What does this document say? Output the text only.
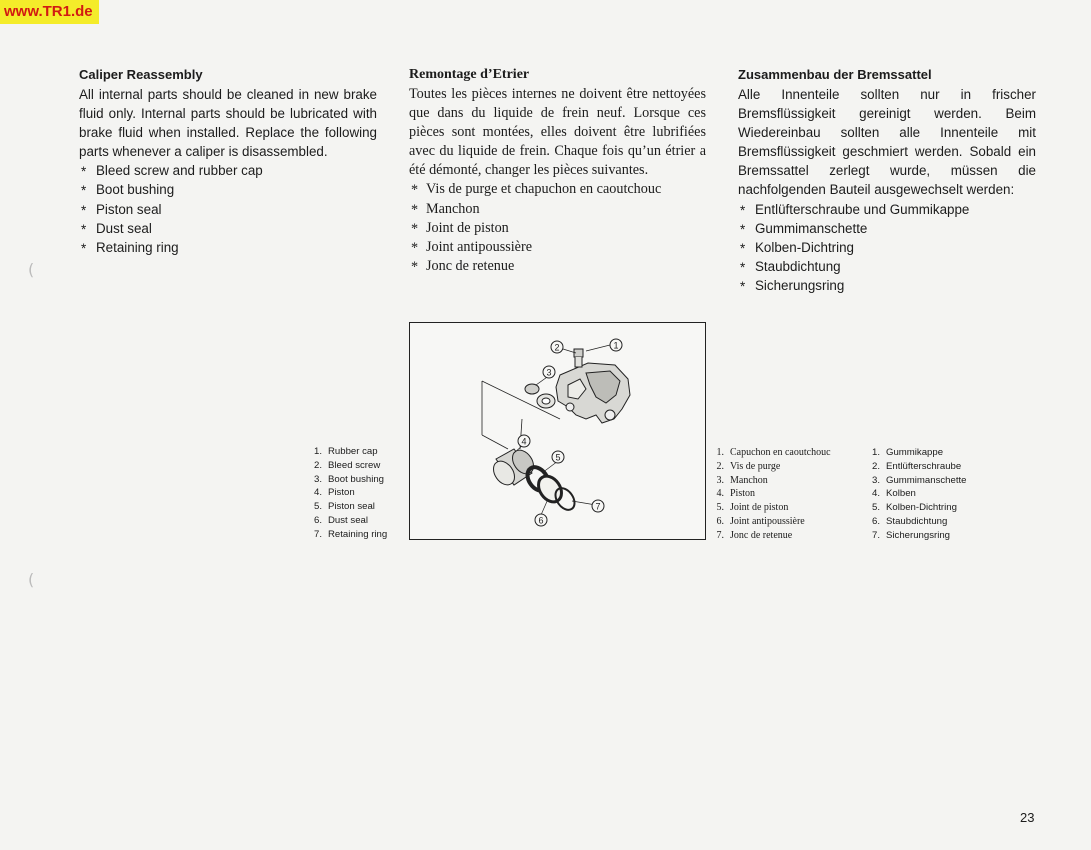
www.TR1.de
Caliper Reassembly

All internal parts should be cleaned in new brake fluid only. Internal parts should be lubricated with brake fluid when installed. Replace the following parts whenever a caliper is disassembled.

* Bleed screw and rubber cap
* Boot bushing
* Piston seal
* Dust seal
* Retaining ring
Remontage d’Etrier

Toutes les pièces internes ne doivent être nettoyées que dans du liquide de frein neuf. Lorsque ces pièces sont montées, elles doivent être lubrifiées avec du liquide de frein. Chaque fois qu’un étrier a été démonté, changer les pièces suivantes.

* Vis de purge et chapuchon en caoutchouc
* Manchon
* Joint de piston
* Joint antipoussière
* Jonc de retenue
Zusammenbau der Bremssattel

Alle Innenteile sollten nur in frischer Bremsflüssigkeit gereinigt werden. Beim Wiedereinbau sollten alle Innenteile mit Bremsflüssigkeit geschmiert werden. Sobald ein Bremssattel zerlegt wurde, müssen die nachfolgenden Bauteil ausgewechselt werden:

* Entlüfterschraube und Gummikappe
* Gummimanschette
* Kolben-Dichtring
* Staubdichtung
* Sicherungsring
1
2
3
4
5
6
7
1. Rubber cap
2. Bleed screw
3. Boot bushing
4. Piston
5. Piston seal
6. Dust seal
7. Retaining ring
1. Capuchon en caoutchouc
2. Vis de purge
3. Manchon
4. Piston
5. Joint de piston
6. Joint antipoussière
7. Jonc de retenue
1. Gummikappe
2. Entlüfterschraube
3. Gummimanschette
4. Kolben
5. Kolben-Dichtring
6. Staubdichtung
7. Sicherungsring
(
(
23
